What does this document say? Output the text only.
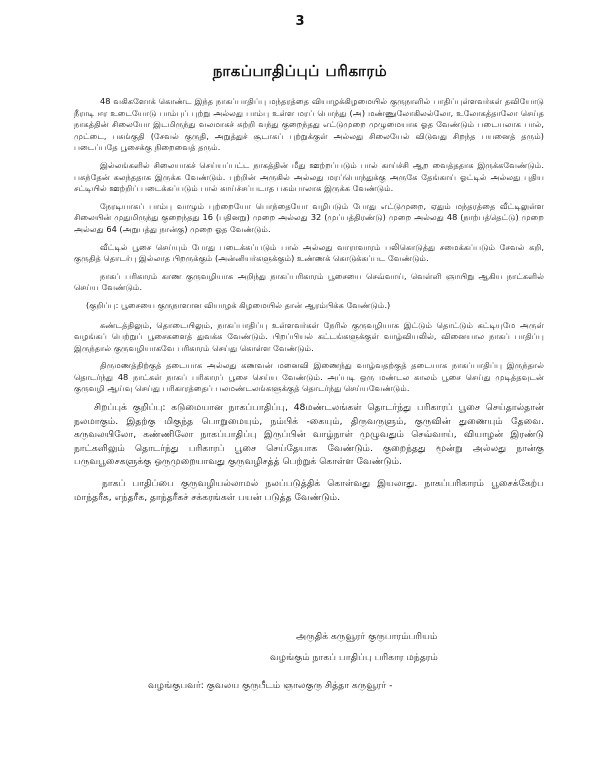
3
நாகப்பாதிப்புப் பரிகாரம்

48 வகிகளோக் கொண்ட இந்த நாகப்பாதிப்பு மந்தரத்தை வியாழக்கிழமையில் குருநாளில் பாதிப்புள்ளவர்கள் தவியோடு நீராடி ஈர உடையோடு பாம்புப் புற்று அல்லது பாம்பு உள்ள மரப் பொந்து (அ) மண்ணுலோகிலல்லோ, உலோகத்தாலோ செய்த நாகத்தின் சிலையோ இடமிருந்து வலமாகச் சுற்றி வந்து குறைந்தது எட்டுமுறை முழுமையாக ஓத வேண்டும் படையலாக பால், முட்டை, பசுங்குதி (சேவல் குருதி, அறுத்துச் சூடாகப் புற்றுக்குள் அல்லது சிலையேல் விடுவது சிறந்த பயனைத் தரும்) படைப்பதே பூசைக்கு நிறைவைத் தரும்.

இல்லங்களில் சிலையாகச் செய்யப்பட்ட நாகத்தின் மீது ஊற்றப்படும் பால் காய்ச்சி ஆற வைத்ததாக இருக்கவேண்டும். பசுந்தேன் கலந்ததாக இருக்க வேண்டும். புற்றின் அருகில் அல்லது மரப்பொந்துக்கு அருகே தேங்காய் ஓட்டில் அல்லது புதிய சட்டியில் ஊற்றிப் படைக்கப்படும் பால் காய்ச்சப்படாத பசும்பாலாக இருக்க வேண்டும்.

நேரடியாகப் பாம்பு வாழும் புற்றையோ பொந்தையோ வழிபடும் போது எட்டுமுறை, ஏதும் மந்தரத்தை வீட்டிலுள்ள சிலையின் முதுமிருந்து குறைந்தது 16 (பதினறு) முறை அல்லது 32 (முப்பத்திரண்டு) முறை அல்லது 48 (நாற்பத்தெட்டு) முறை அல்லது 64 (அறுபத்து நான்கு) முறை ஓத வேண்டும்.

வீட்டில் பூசை செய்யும் போது படைக்கப்படும் பால் அல்லது வாராவாரம் பலிகொடுத்து சமைக்கப்படும் சேவல் கறி, குருதித் தொடர்பு இல்லாத பிறருக்கும் (அன்னியர்களுக்கும்) உண்ணக் கொடுக்கப்பட வேண்டும்.

நாகப் பரிகாரம் காண குருவழியாக அறிந்து நாகப்பரிகாரம் பூசையை செவ்வாய், வெள்ளி ஞாயிறு ஆகிய நாட்களில் செய்ய வேண்டும்.

(குறிப்பு: பூசையை குருநாளான வியாழக் கிழமையில் தான் ஆரம்பிக்க வேண்டும்.)

கண்டத்திலும், தொடையிலும், நாகப்பாதிப்பு உள்ளவர்கள் நேரில் குருவழியாக இட்டும் தொட்டும் கட்டியுமே அருள் வழங்கப் பெற்றுப் பூசைகளைத் துவக்க வேண்டும். பிறப்பியல் கட்டங்களுக்குள் வாழ்வியலில், வினையால நாகப் பாதிப்பு இருந்தால் குருவழியாகவே பரிகாரம் செய்து கொள்ள வேண்டும்.

திருமணத்திற்குத் தடையாக அல்லது கணவன் மனைவி இணைந்து வாழ்வதற்குத் தடையாக நாகப்பாதிப்பு இருந்தால் தொடர்ந்து 48 நாட்கள் நாகப் பரிகாரப் பூசை செய்ய வேண்டும். அப்படி ஒரு மண்டல காலம் பூசை செய்து முடித்தவுடன் குருவழி ஆய்வு செய்து பரிகாரத்தைப் பலமண்டலங்களுக்குத் தொடர்ந்து செய்யவேண்டும்.

சிறப்புக் குறிப்பு: கடுமையான நாகப்பாதிப்பு, 48மண்டலங்கள் தொடர்ந்து பரிகாரப் பூசை செய்தால்தான் நலமாகும். இதற்கு மிகுந்த பொறுமையும், நம்பிக் -கையும், திருவருளும், குருவின் துணையும் தேவை. கருவலயிலோ, கண்ணிலோ நாகப்பாதிப்பு இருப்பின் வாழ்நாள் முழுவதும் செவ்வாய், வியாழன் இரண்டு நாட்களிலும் தொடர்ந்து பரிகாரப் பூசை செய்தேயாக வேண்டும். குறைந்தது மூன்று அல்லது நான்கு பருவபூசைகளுக்கு ஒருமுறையாவது குருவழிசத்த் பெற்றுக் கொள்ள வேண்டும்.

நாகப் பாதிப்பை குருவழியல்லாமல் நலப்படுத்திக் கொள்வது இயலாது. நாகப்பரிகாரம் பூசைக்கேற்ப மாந்தரீக, எந்தரீக, தாந்தரீகச் சக்கரங்கள் பயன் படுத்த வேண்டும்.

அருதிக் கருவூரர் குருபாரம்பரியம்
வழங்கும் நாகப் பாதிப்பு பரிகார மந்தரம்
வழங்குபவர்: குவலய குருபீடம் ஞாலகுரு சித்தா கருவூரர் -
